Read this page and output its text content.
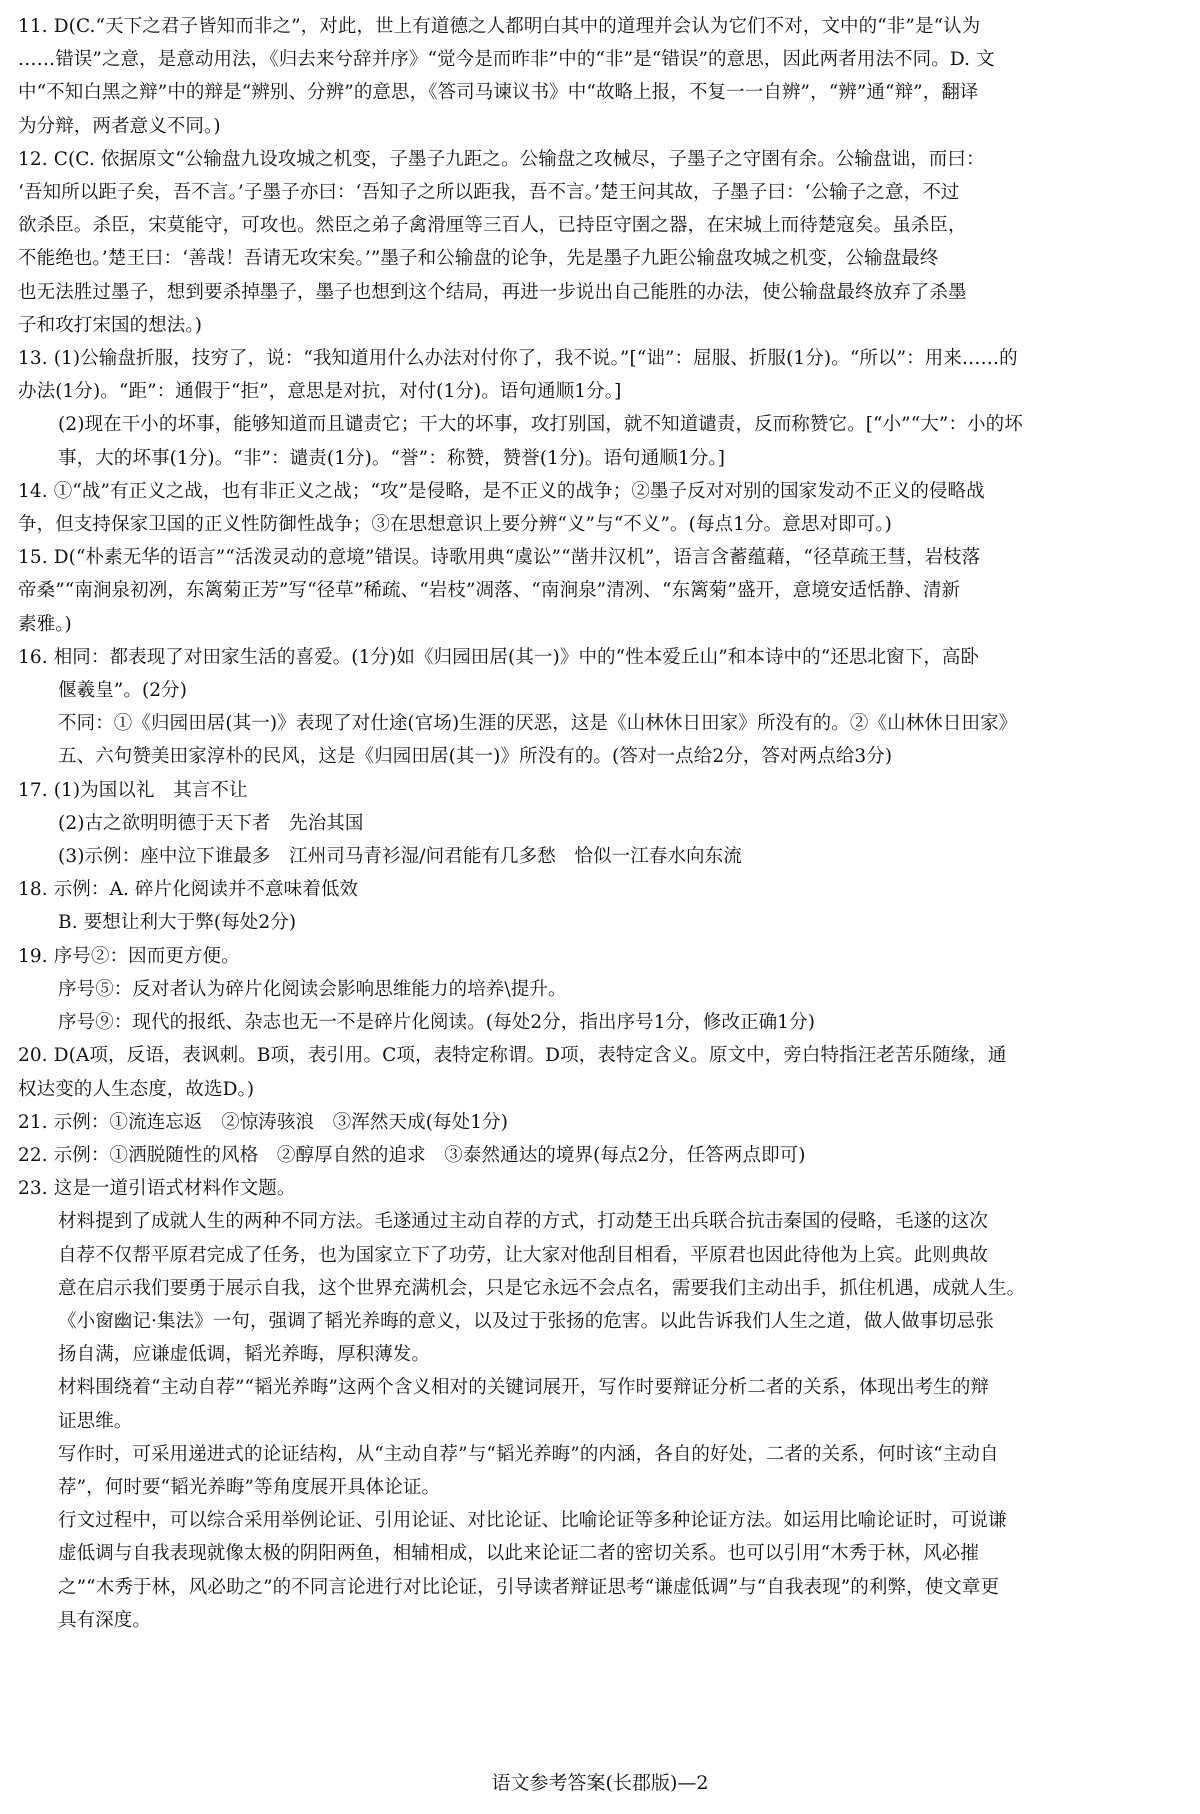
11. D(C.“天下之君子皆知而非之”，对此，世上有道德之人都明白其中的道理并会认为它们不对，文中的“非”是“认为
……错误”之意，是意动用法，《归去来兮辞并序》“觉今是而昨非”中的“非”是“错误”的意思，因此两者用法不同。D. 文
中“不知白黑之辩”中的辩是“辨别、分辨”的意思，《答司马谏议书》中“故略上报，不复一一自辨”，“辨”通“辩”，翻译
为分辩，两者意义不同。)
12. C(C. 依据原文“公输盘九设攻城之机变，子墨子九距之。公输盘之攻械尽，子墨子之守圉有余。公输盘诎，而曰：
‘吾知所以距子矣，吾不言。’子墨子亦曰：‘吾知子之所以距我，吾不言。’楚王问其故，子墨子曰：‘公输子之意，不过
欲杀臣。杀臣，宋莫能守，可攻也。然臣之弟子禽滑厘等三百人，已持臣守圉之器，在宋城上而待楚寇矣。虽杀臣，
不能绝也。’楚王曰：‘善哉！吾请无攻宋矣。’”墨子和公输盘的论争，先是墨子九距公输盘攻城之机变，公输盘最终
也无法胜过墨子，想到要杀掉墨子，墨子也想到这个结局，再进一步说出自己能胜的办法，使公输盘最终放弃了杀墨
子和攻打宋国的想法。)
13. (1)公输盘折服，技穷了，说：“我知道用什么办法对付你了，我不说。”[“诎”：屈服、折服(1分)。“所以”：用来……的
办法(1分)。“距”：通假于“拒”，意思是对抗，对付(1分)。语句通顺1分。]
(2)现在干小的坏事，能够知道而且谴责它；干大的坏事，攻打别国，就不知道谴责，反而称赞它。[“小”“大”：小的坏
事，大的坏事(1分)。“非”：谴责(1分)。“誉”：称赞，赞誉(1分)。语句通顺1分。]
14. ①“战”有正义之战，也有非正义之战；“攻”是侵略，是不正义的战争；②墨子反对对别的国家发动不正义的侵略战
争，但支持保家卫国的正义性防御性战争；③在思想意识上要分辨“义”与“不义”。(每点1分。意思对即可。)
15. D(“朴素无华的语言”“活泼灵动的意境”错误。诗歌用典“虞讼”“凿井汉机”，语言含蓄蕴藉，“径草疏王彗，岩枝落
帝桑”“南涧泉初冽，东篱菊正芳”写“径草”稀疏、“岩枝”凋落、“南涧泉”清冽、“东篱菊”盛开，意境安适恬静、清新
素雅。)
16. 相同：都表现了对田家生活的喜爱。(1分)如《归园田居(其一)》中的“性本爱丘山”和本诗中的“还思北窗下，高卧
偃羲皇”。(2分)
不同：①《归园田居(其一)》表现了对仕途(官场)生涯的厌恶，这是《山林休日田家》所没有的。②《山林休日田家》
五、六句赞美田家淳朴的民风，这是《归园田居(其一)》所没有的。(答对一点给2分，答对两点给3分)
17. (1)为国以礼　其言不让
(2)古之欲明明德于天下者　先治其国
(3)示例：座中泣下谁最多　江州司马青衫湿/问君能有几多愁　恰似一江春水向东流
18. 示例：A. 碎片化阅读并不意味着低效
B. 要想让利大于弊(每处2分)
19. 序号②：因而更方便。
序号⑤：反对者认为碎片化阅读会影响思维能力的培养\提升。
序号⑨：现代的报纸、杂志也无一不是碎片化阅读。(每处2分，指出序号1分，修改正确1分)
20. D(A项，反语，表讽刺。B项，表引用。C项，表特定称谓。D项，表特定含义。原文中，旁白特指汪老苦乐随缘，通
权达变的人生态度，故选D。)
21. 示例：①流连忘返　②惊涛骇浪　③浑然天成(每处1分)
22. 示例：①洒脱随性的风格　②醇厚自然的追求　③泰然通达的境界(每点2分，任答两点即可)
23. 这是一道引语式材料作文题。
材料提到了成就人生的两种不同方法。毛遂通过主动自荐的方式，打动楚王出兵联合抗击秦国的侵略，毛遂的这次
自荐不仅帮平原君完成了任务，也为国家立下了功劳，让大家对他刮目相看，平原君也因此待他为上宾。此则典故
意在启示我们要勇于展示自我，这个世界充满机会，只是它永远不会点名，需要我们主动出手，抓住机遇，成就人生。
《小窗幽记·集法》一句，强调了韬光养晦的意义，以及过于张扬的危害。以此告诉我们人生之道，做人做事切忌张
扬自满，应谦虚低调，韬光养晦，厚积薄发。
材料围绕着“主动自荐”“韬光养晦”这两个含义相对的关键词展开，写作时要辩证分析二者的关系，体现出考生的辩
证思维。
写作时，可采用递进式的论证结构，从“主动自荐”与“韬光养晦”的内涵，各自的好处，二者的关系，何时该“主动自
荐”，何时要“韬光养晦”等角度展开具体论证。
行文过程中，可以综合采用举例论证、引用论证、对比论证、比喻论证等多种论证方法。如运用比喻论证时，可说谦
虚低调与自我表现就像太极的阴阳两鱼，相辅相成，以此来论证二者的密切关系。也可以引用“木秀于林，风必摧
之”“木秀于林，风必助之”的不同言论进行对比论证，引导读者辩证思考“谦虚低调”与“自我表现”的利弊，使文章更
具有深度。
语文参考答案(长郡版)—2
